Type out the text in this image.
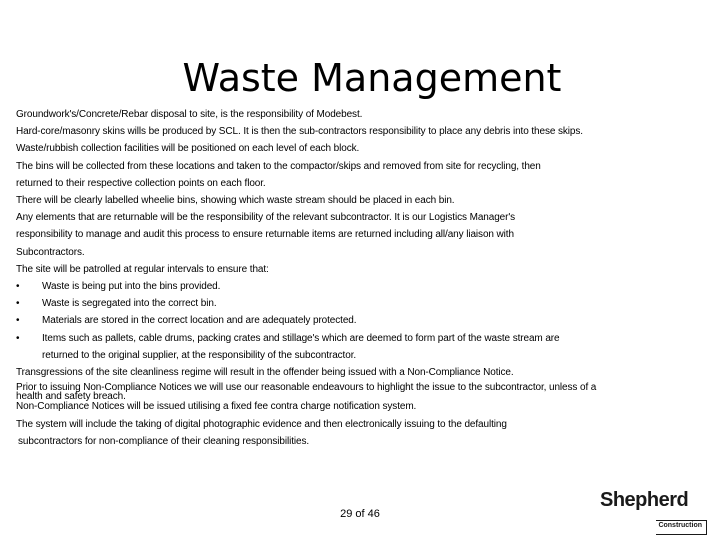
Waste Management

Groundwork's/Concrete/Rebar disposal to site, is the responsibility of Modebest.

Hard-core/masonry skins wills be produced by SCL. It is then the sub-contractors responsibility to place any debris into these skips.

Waste/rubbish collection facilities will be positioned on each level of each block.

The bins will be collected from these locations and taken to the compactor/skips and removed from site for recycling, then

returned to their respective collection points on each floor.

There will be clearly labelled wheelie bins, showing which waste stream should be placed in each bin.

Any elements that are returnable will be the responsibility of the relevant subcontractor. It is our Logistics Manager's

responsibility to manage and audit this process to ensure returnable items are returned including all/any liaison with

Subcontractors.

The site will be patrolled at regular intervals to ensure that:

• Waste is being put into the bins provided.
• Waste is segregated into the correct bin.
• Materials are stored in the correct location and are adequately protected.
• Items such as pallets, cable drums, packing crates and stillage's which are deemed to form part of the waste stream are

returned to the original supplier, at the responsibility of the subcontractor.

Transgressions of the site cleanliness regime will result in the offender being issued with a Non-Compliance Notice.

Prior to issuing Non-Compliance Notices we will use our reasonable endeavours to highlight the issue to the subcontractor, unless of a
health and safety breach.

Non-Compliance Notices will be issued utilising a fixed fee contra charge notification system.

The system will include the taking of digital photographic evidence and then electronically issuing to the defaulting

subcontractors for non-compliance of their cleaning responsibilities.

29 of 46
Shepherd
Construction
